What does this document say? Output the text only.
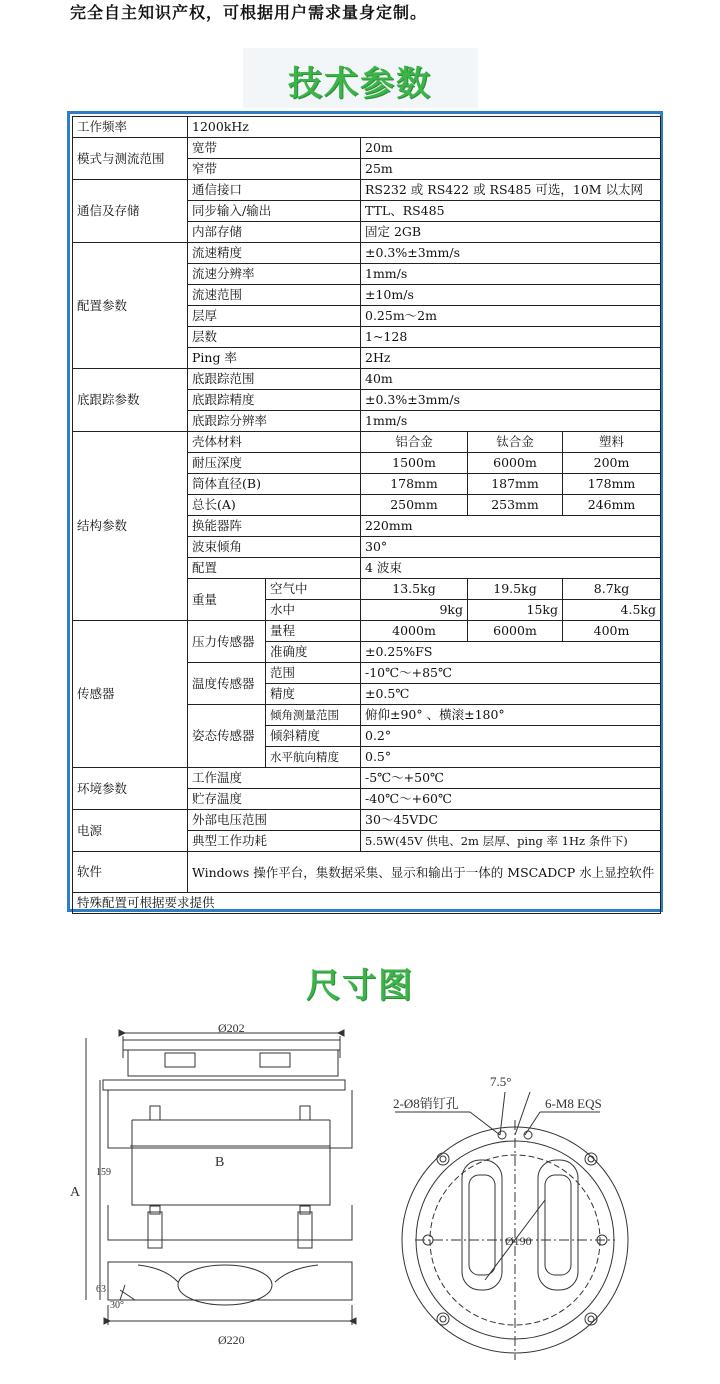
完全自主知识产权，可根据用户需求量身定制。
技术参数
工作频率	1200kHz				
模式与测流范围	宽带		20m		
	窄带		25m		
通信及存储	通信接口		RS232 或 RS422 或 RS485 可选，10M 以太网		
	同步输入/输出		TTL、RS485		
	内部存储		固定 2GB		
配置参数	流速精度		±0.3%±3mm/s		
	流速分辨率		1mm/s		
	流速范围		±10m/s		
	层厚		0.25m～2m		
	层数		1~128		
	Ping 率		2Hz		
底跟踪参数	底跟踪范围		40m		
	底跟踪精度		±0.3%±3mm/s		
	底跟踪分辨率		1mm/s		
结构参数	壳体材料		铝合金	钛合金	塑料
	耐压深度		1500m	6000m	200m
	筒体直径(B)		178mm	187mm	178mm
	总长(A)		250mm	253mm	246mm
	换能器阵		220mm		
	波束倾角		30°		
	配置		4 波束		
	重量	空气中	13.5kg	19.5kg	8.7kg
		水中	9kg	15kg	4.5kg
传感器	压力传感器	量程	4000m	6000m	400m
		准确度	±0.25%FS		
	温度传感器	范围	-10℃～+85℃		
		精度	±0.5℃		
	姿态传感器	倾角测量范围	俯仰±90° 、横滚±180°		
		倾斜精度	0.2°		
		水平航向精度	0.5°		
环境参数	工作温度		-5℃～+50℃		
	贮存温度		-40℃～+60℃		
电源	外部电压范围		30～45VDC		
	典型工作功耗		5.5W(45V 供电、2m 层厚、ping 率 1Hz 条件下)		
软件	Windows 操作平台，集数据采集、显示和输出于一体的 MSCADCP 水上显控软件				
特殊配置可根据要求提供					
尺寸图
Ø202
Ø220
B
A
159
63
30°
2-Ø8销钉孔
7.5°
6-M8 EQS
Ø190
